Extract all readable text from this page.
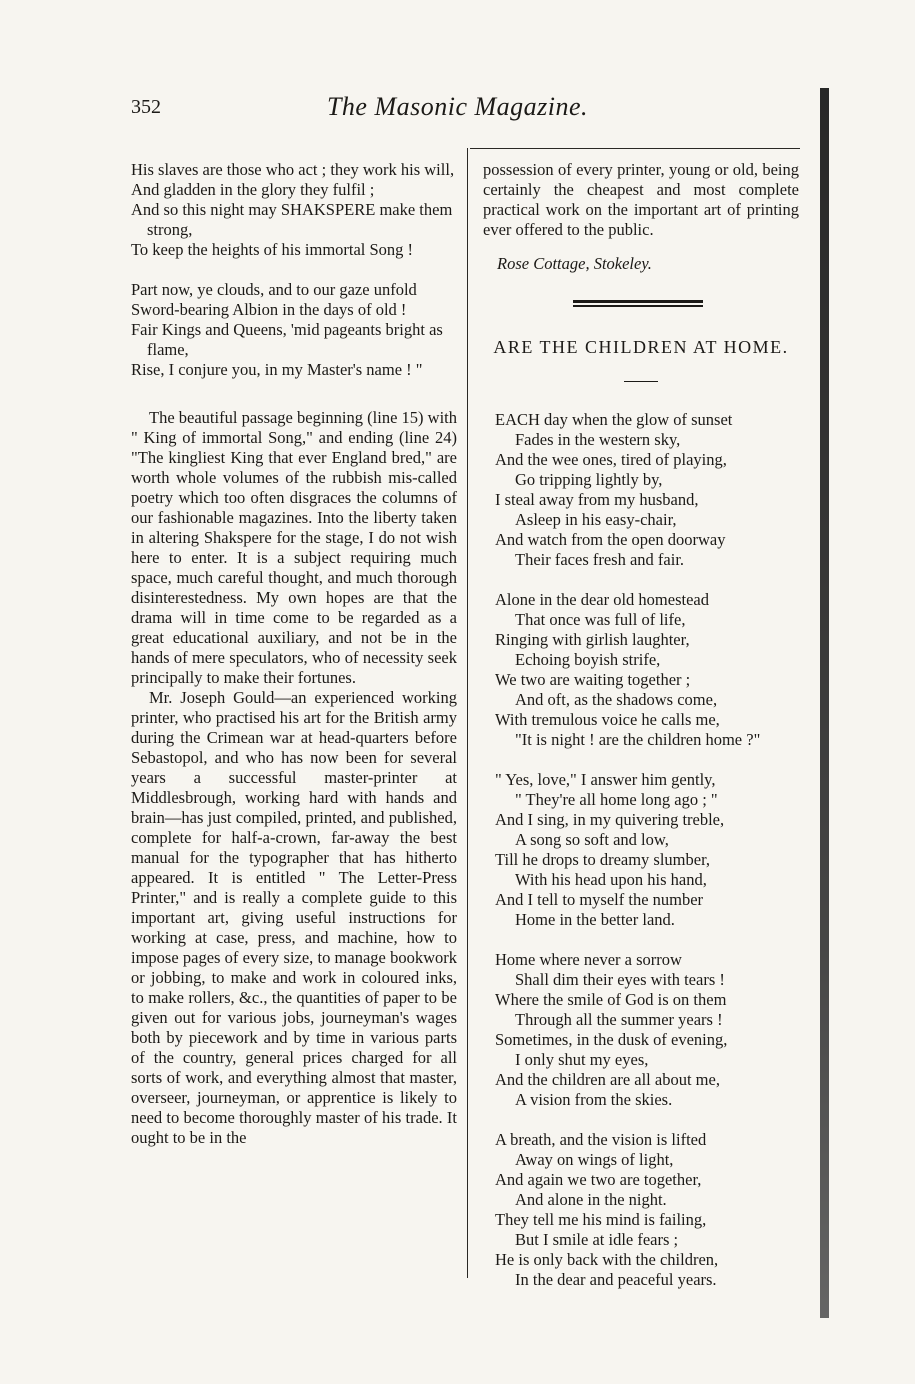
352	The Masonic Magazine.
His slaves are those who act ; they work his will,
And gladden in the glory they fulfil ;
And so this night may SHAKSPERE make them strong,
To keep the heights of his immortal Song !
Part now, ye clouds, and to our gaze unfold
Sword-bearing Albion in the days of old !
Fair Kings and Queens, 'mid pageants bright as flame,
Rise, I conjure you, in my Master's name ! "

The beautiful passage beginning (line 15) with " King of immortal Song," and ending (line 24) "The kingliest King that ever England bred," are worth whole volumes of the rubbish mis-called poetry which too often disgraces the columns of our fashionable magazines. Into the liberty taken in altering Shakspere for the stage, I do not wish here to enter. It is a subject requiring much space, much careful thought, and much thorough disinterestedness. My own hopes are that the drama will in time come to be regarded as a great educational auxiliary, and not be in the hands of mere speculators, who of necessity seek principally to make their fortunes.

Mr. Joseph Gould—an experienced working printer, who practised his art for the British army during the Crimean war at head-quarters before Sebastopol, and who has now been for several years a successful master-printer at Middlesbrough, working hard with hands and brain—has just compiled, printed, and published, complete for half-a-crown, far-away the best manual for the typographer that has hitherto appeared. It is entitled " The Letter-Press Printer," and is really a complete guide to this important art, giving useful instructions for working at case, press, and machine, how to impose pages of every size, to manage bookwork or jobbing, to make and work in coloured inks, to make rollers, &c., the quantities of paper to be given out for various jobs, journeyman's wages both by piecework and by time in various parts of the country, general prices charged for all sorts of work, and everything almost that master, overseer, journeyman, or apprentice is likely to need to become thoroughly master of his trade. It ought to be in the

possession of every printer, young or old, being certainly the cheapest and most complete practical work on the important art of printing ever offered to the public.

Rose Cottage, Stokeley.
ARE THE CHILDREN AT HOME.
EACH day when the glow of sunset
Fades in the western sky,
And the wee ones, tired of playing,
Go tripping lightly by,
I steal away from my husband,
Asleep in his easy-chair,
And watch from the open doorway
Their faces fresh and fair.
Alone in the dear old homestead
That once was full of life,
Ringing with girlish laughter,
Echoing boyish strife,
We two are waiting together ;
And oft, as the shadows come,
With tremulous voice he calls me,
"It is night ! are the children home ?"
" Yes, love," I answer him gently,
" They're all home long ago ; "
And I sing, in my quivering treble,
A song so soft and low,
Till he drops to dreamy slumber,
With his head upon his hand,
And I tell to myself the number
Home in the better land.
Home where never a sorrow
Shall dim their eyes with tears !
Where the smile of God is on them
Through all the summer years !
Sometimes, in the dusk of evening,
I only shut my eyes,
And the children are all about me,
A vision from the skies.
A breath, and the vision is lifted
Away on wings of light,
And again we two are together,
And alone in the night.
They tell me his mind is failing,
But I smile at idle fears ;
He is only back with the children,
In the dear and peaceful years.
